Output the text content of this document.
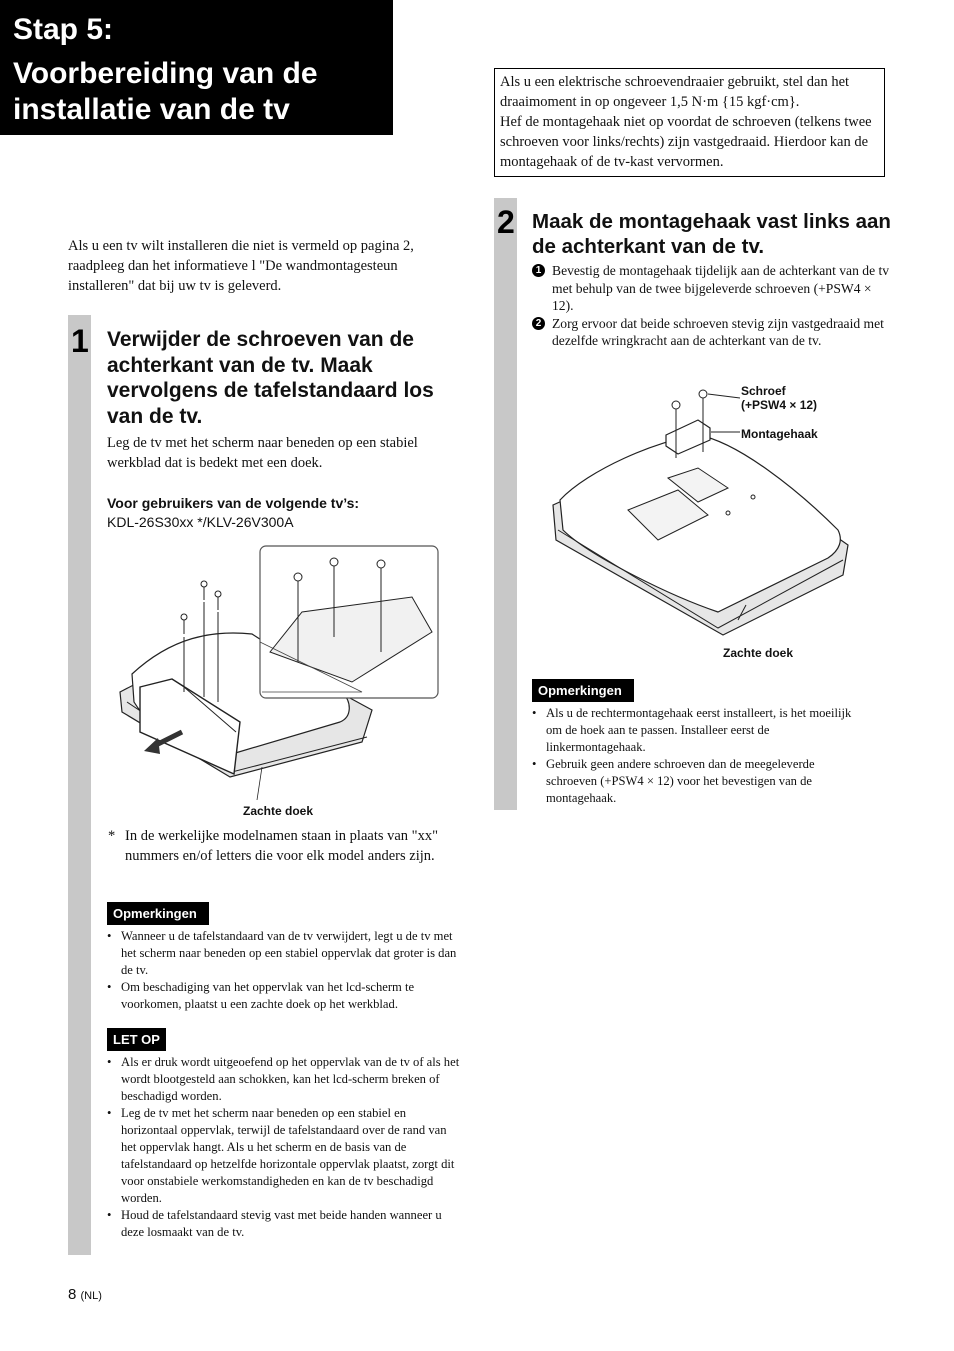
Stap 5:
Voorbereiding van de
installatie van de tv
Als u een tv wilt installeren die niet is vermeld op pagina 2, raadpleeg dan het informatieve l "De wandmontagesteun installeren" dat bij uw tv is geleverd.
1 Verwijder de schroeven van de achterkant van de tv. Maak vervolgens de tafelstandaard los van de tv.
Leg de tv met het scherm naar beneden op een stabiel werkblad dat is bedekt met een doek.
Voor gebruikers van de volgende tv’s:
KDL-26S30xx */KLV-26V300A
Zachte doek
* In de werkelijke modelnamen staan in plaats van "xx" nummers en/of letters die voor elk model anders zijn.
Opmerkingen
• Wanneer u de tafelstandaard van de tv verwijdert, legt u de tv met het scherm naar beneden op een stabiel oppervlak dat groter is dan de tv.
• Om beschadiging van het oppervlak van het lcd-scherm te voorkomen, plaatst u een zachte doek op het werkblad.
LET OP
• Als er druk wordt uitgeoefend op het oppervlak van de tv of als het wordt blootgesteld aan schokken, kan het lcd-scherm breken of beschadigd worden.
• Leg de tv met het scherm naar beneden op een stabiel en horizontaal oppervlak, terwijl de tafelstandaard over de rand van het oppervlak hangt. Als u het scherm en de basis van de tafelstandaard op hetzelfde horizontale oppervlak plaatst, zorgt dit voor onstabiele werkomstandigheden en kan de tv beschadigd worden.
• Houd de tafelstandaard stevig vast met beide handen wanneer u deze losmaakt van de tv.
Als u een elektrische schroevendraaier gebruikt, stel dan het draaimoment in op ongeveer 1,5 N·m {15 kgf·cm}.
Hef de montagehaak niet op voordat de schroeven (telkens twee schroeven voor links/rechts) zijn vastgedraaid. Hierdoor kan de montagehaak of de tv-kast vervormen.
2 Maak de montagehaak vast links aan de achterkant van de tv.
1 Bevestig de montagehaak tijdelijk aan de achterkant van de tv met behulp van de twee bijgeleverde schroeven (+PSW4 × 12).
2 Zorg ervoor dat beide schroeven stevig zijn vastgedraaid met dezelfde wringkracht aan de achterkant van de tv.
Schroef
(+PSW4 × 12)
Montagehaak
Zachte doek
Opmerkingen
• Als u de rechtermontagehaak eerst installeert, is het moeilijk om de hoek aan te passen. Installeer eerst de linkermontagehaak.
• Gebruik geen andere schroeven dan de meegeleverde schroeven (+PSW4 × 12) voor het bevestigen van de montagehaak.
8 (NL)
